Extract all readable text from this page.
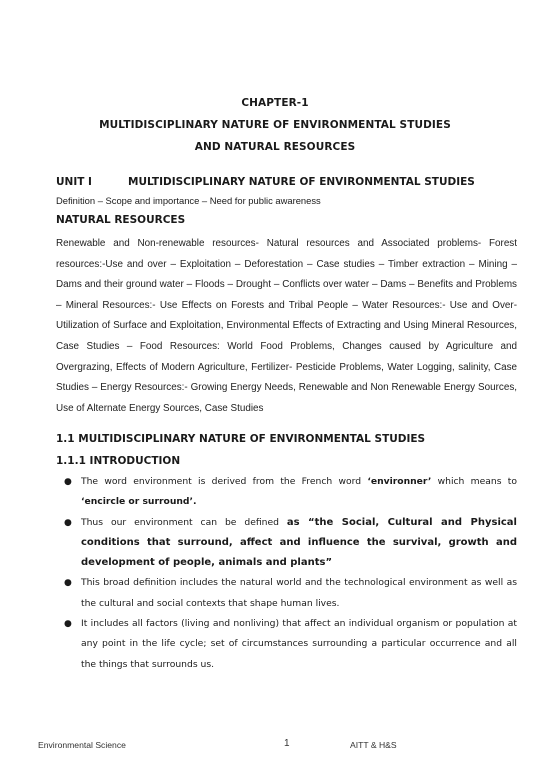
CHAPTER-1
MULTIDISCIPLINARY NATURE OF ENVIRONMENTAL STUDIES
AND NATURAL RESOURCES
UNIT I	MULTIDISCIPLINARY NATURE OF ENVIRONMENTAL STUDIES
Definition – Scope and importance – Need for public awareness
NATURAL RESOURCES
Renewable and Non-renewable resources- Natural resources and Associated problems- Forest resources:-Use and over – Exploitation – Deforestation – Case studies – Timber extraction – Mining – Dams and their ground water – Floods – Drought – Conflicts over water – Dams – Benefits and Problems – Mineral Resources:- Use Effects on Forests and Tribal People – Water Resources:- Use and Over-Utilization of Surface and Exploitation, Environmental Effects of Extracting and Using Mineral Resources, Case Studies – Food Resources: World Food Problems, Changes caused by Agriculture and Overgrazing, Effects of Modern Agriculture, Fertilizer- Pesticide Problems, Water Logging, salinity, Case Studies – Energy Resources:- Growing Energy Needs, Renewable and Non Renewable Energy Sources, Use of Alternate Energy Sources, Case Studies
1.1 MULTIDISCIPLINARY NATURE OF ENVIRONMENTAL STUDIES
1.1.1 INTRODUCTION
● The word environment is derived from the French word ‘environner’ which means to ‘encircle or surround’.
● Thus our environment can be defined as “the Social, Cultural and Physical conditions that surround, affect and influence the survival, growth and development of people, animals and plants”
● This broad definition includes the natural world and the technological environment as well as the cultural and social contexts that shape human lives.
● It includes all factors (living and nonliving) that affect an individual organism or population at any point in the life cycle; set of circumstances surrounding a particular occurrence and all the things that surrounds us.
Environmental Science	1	AITT & H&S
